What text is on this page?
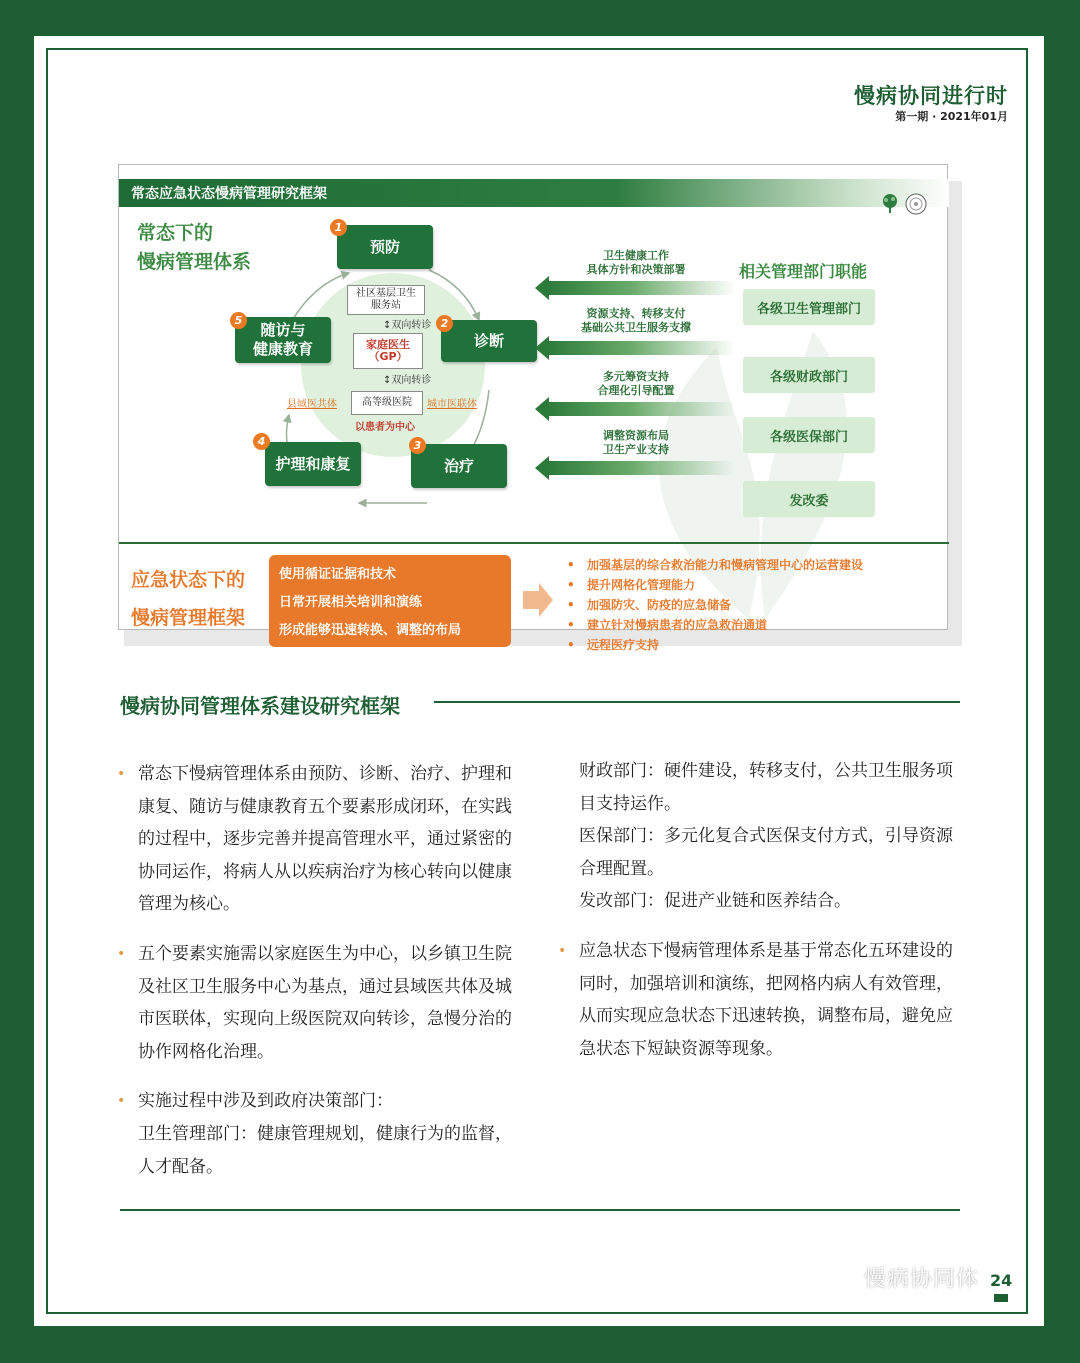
慢病协同进行时
第一期 · 2021年01月
常态应急状态慢病管理研究框架
常态下的
慢病管理体系
预防
1
诊断
2
治疗
3
护理和康复
4
随访与
健康教育
5
社区基层卫生
服务站
↕双向转诊
家庭医生
（GP）
↕双向转诊
高等级医院
县域医共体	城市医联体
以患者为中心
相关管理部门职能
卫生健康工作
具体方针和决策部署
各级卫生管理部门
资源支持、转移支付
基础公共卫生服务支撑
各级财政部门
多元筹资支持
合理化引导配置
各级医保部门
调整资源布局
卫生产业支持
发改委
应急状态下的
慢病管理框架
使用循证证据和技术
日常开展相关培训和演练
形成能够迅速转换、调整的布局
• 加强基层的综合救治能力和慢病管理中心的运营建设
• 提升网格化管理能力
• 加强防灾、防疫的应急储备
• 建立针对慢病患者的应急救治通道
• 远程医疗支持
慢病协同管理体系建设研究框架

• 常态下慢病管理体系由预防、诊断、治疗、护理和康复、随访与健康教育五个要素形成闭环，在实践的过程中，逐步完善并提高管理水平，通过紧密的协同运作，将病人从以疾病治疗为核心转向以健康管理为核心。

• 五个要素实施需以家庭医生为中心，以乡镇卫生院及社区卫生服务中心为基点，通过县域医共体及城市医联体，实现向上级医院双向转诊，急慢分治的协作网格化治理。

• 实施过程中涉及到政府决策部门：
卫生管理部门：健康管理规划，健康行为的监督，人才配备。

财政部门：硬件建设，转移支付，公共卫生服务项目支持运作。

医保部门：多元化复合式医保支付方式，引导资源合理配置。

发改部门：促进产业链和医养结合。

• 应急状态下慢病管理体系是基于常态化五环建设的同时，加强培训和演练，把网格内病人有效管理，从而实现应急状态下迅速转换，调整布局，避免应急状态下短缺资源等现象。

24
慢病协同体
